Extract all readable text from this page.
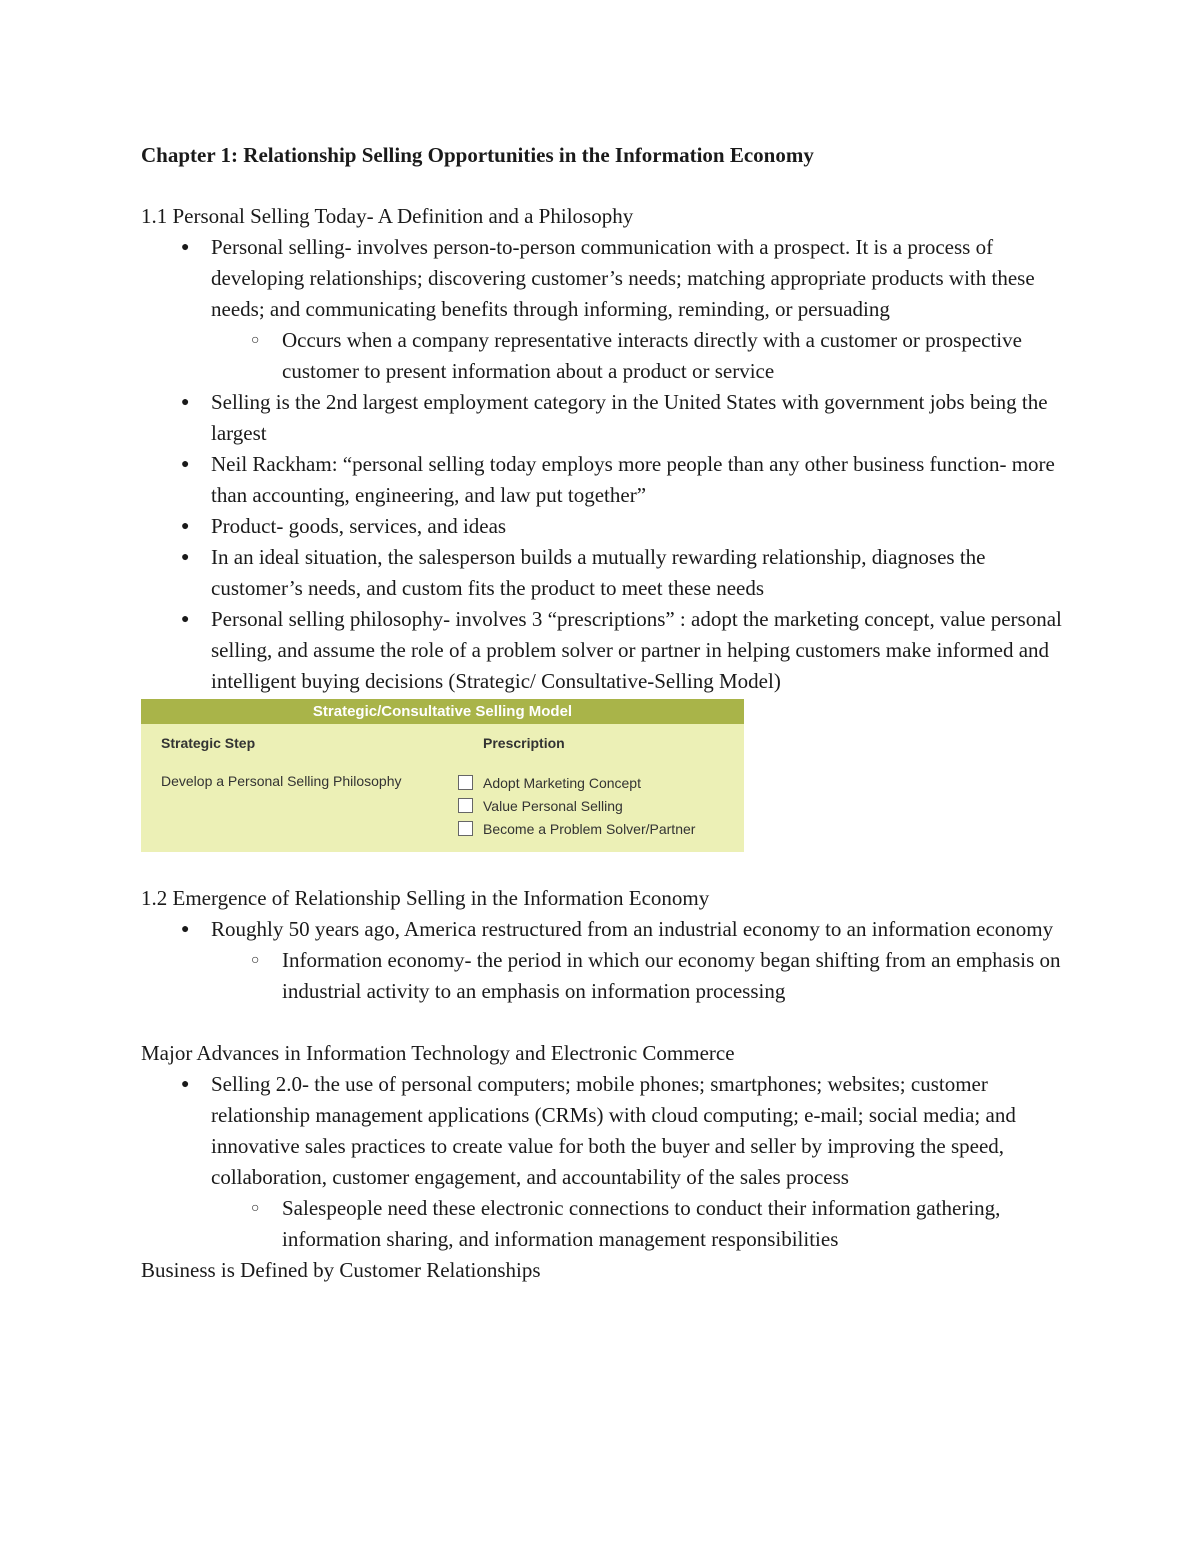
Chapter 1: Relationship Selling Opportunities in the Information Economy
1.1 Personal Selling Today- A Definition and a Philosophy
● Personal selling- involves person-to-person communication with a prospect. It is a process of developing relationships; discovering customer’s needs; matching appropriate products with these needs; and communicating benefits through informing, reminding, or persuading
○ Occurs when a company representative interacts directly with a customer or prospective customer to present information about a product or service
● Selling is the 2nd largest employment category in the United States with government jobs being the largest
● Neil Rackham: “personal selling today employs more people than any other business function- more than accounting, engineering, and law put together”
● Product- goods, services, and ideas
● In an ideal situation, the salesperson builds a mutually rewarding relationship, diagnoses the customer’s needs, and custom fits the product to meet these needs
● Personal selling philosophy- involves 3 “prescriptions” : adopt the marketing concept, value personal selling, and assume the role of a problem solver or partner in helping customers make informed and intelligent buying decisions (Strategic/ Consultative-Selling Model)
Strategic/Consultative Selling Model
Strategic Step	Prescription
Develop a Personal Selling Philosophy	Adopt Marketing Concept
Value Personal Selling
Become a Problem Solver/Partner
1.2 Emergence of Relationship Selling in the Information Economy
● Roughly 50 years ago, America restructured from an industrial economy to an information economy
○ Information economy- the period in which our economy began shifting from an emphasis on industrial activity to an emphasis on information processing
Major Advances in Information Technology and Electronic Commerce
● Selling 2.0- the use of personal computers; mobile phones; smartphones; websites; customer relationship management applications (CRMs) with cloud computing; e-mail; social media; and innovative sales practices to create value for both the buyer and seller by improving the speed, collaboration, customer engagement, and accountability of the sales process
○ Salespeople need these electronic connections to conduct their information gathering, information sharing, and information management responsibilities
Business is Defined by Customer Relationships
